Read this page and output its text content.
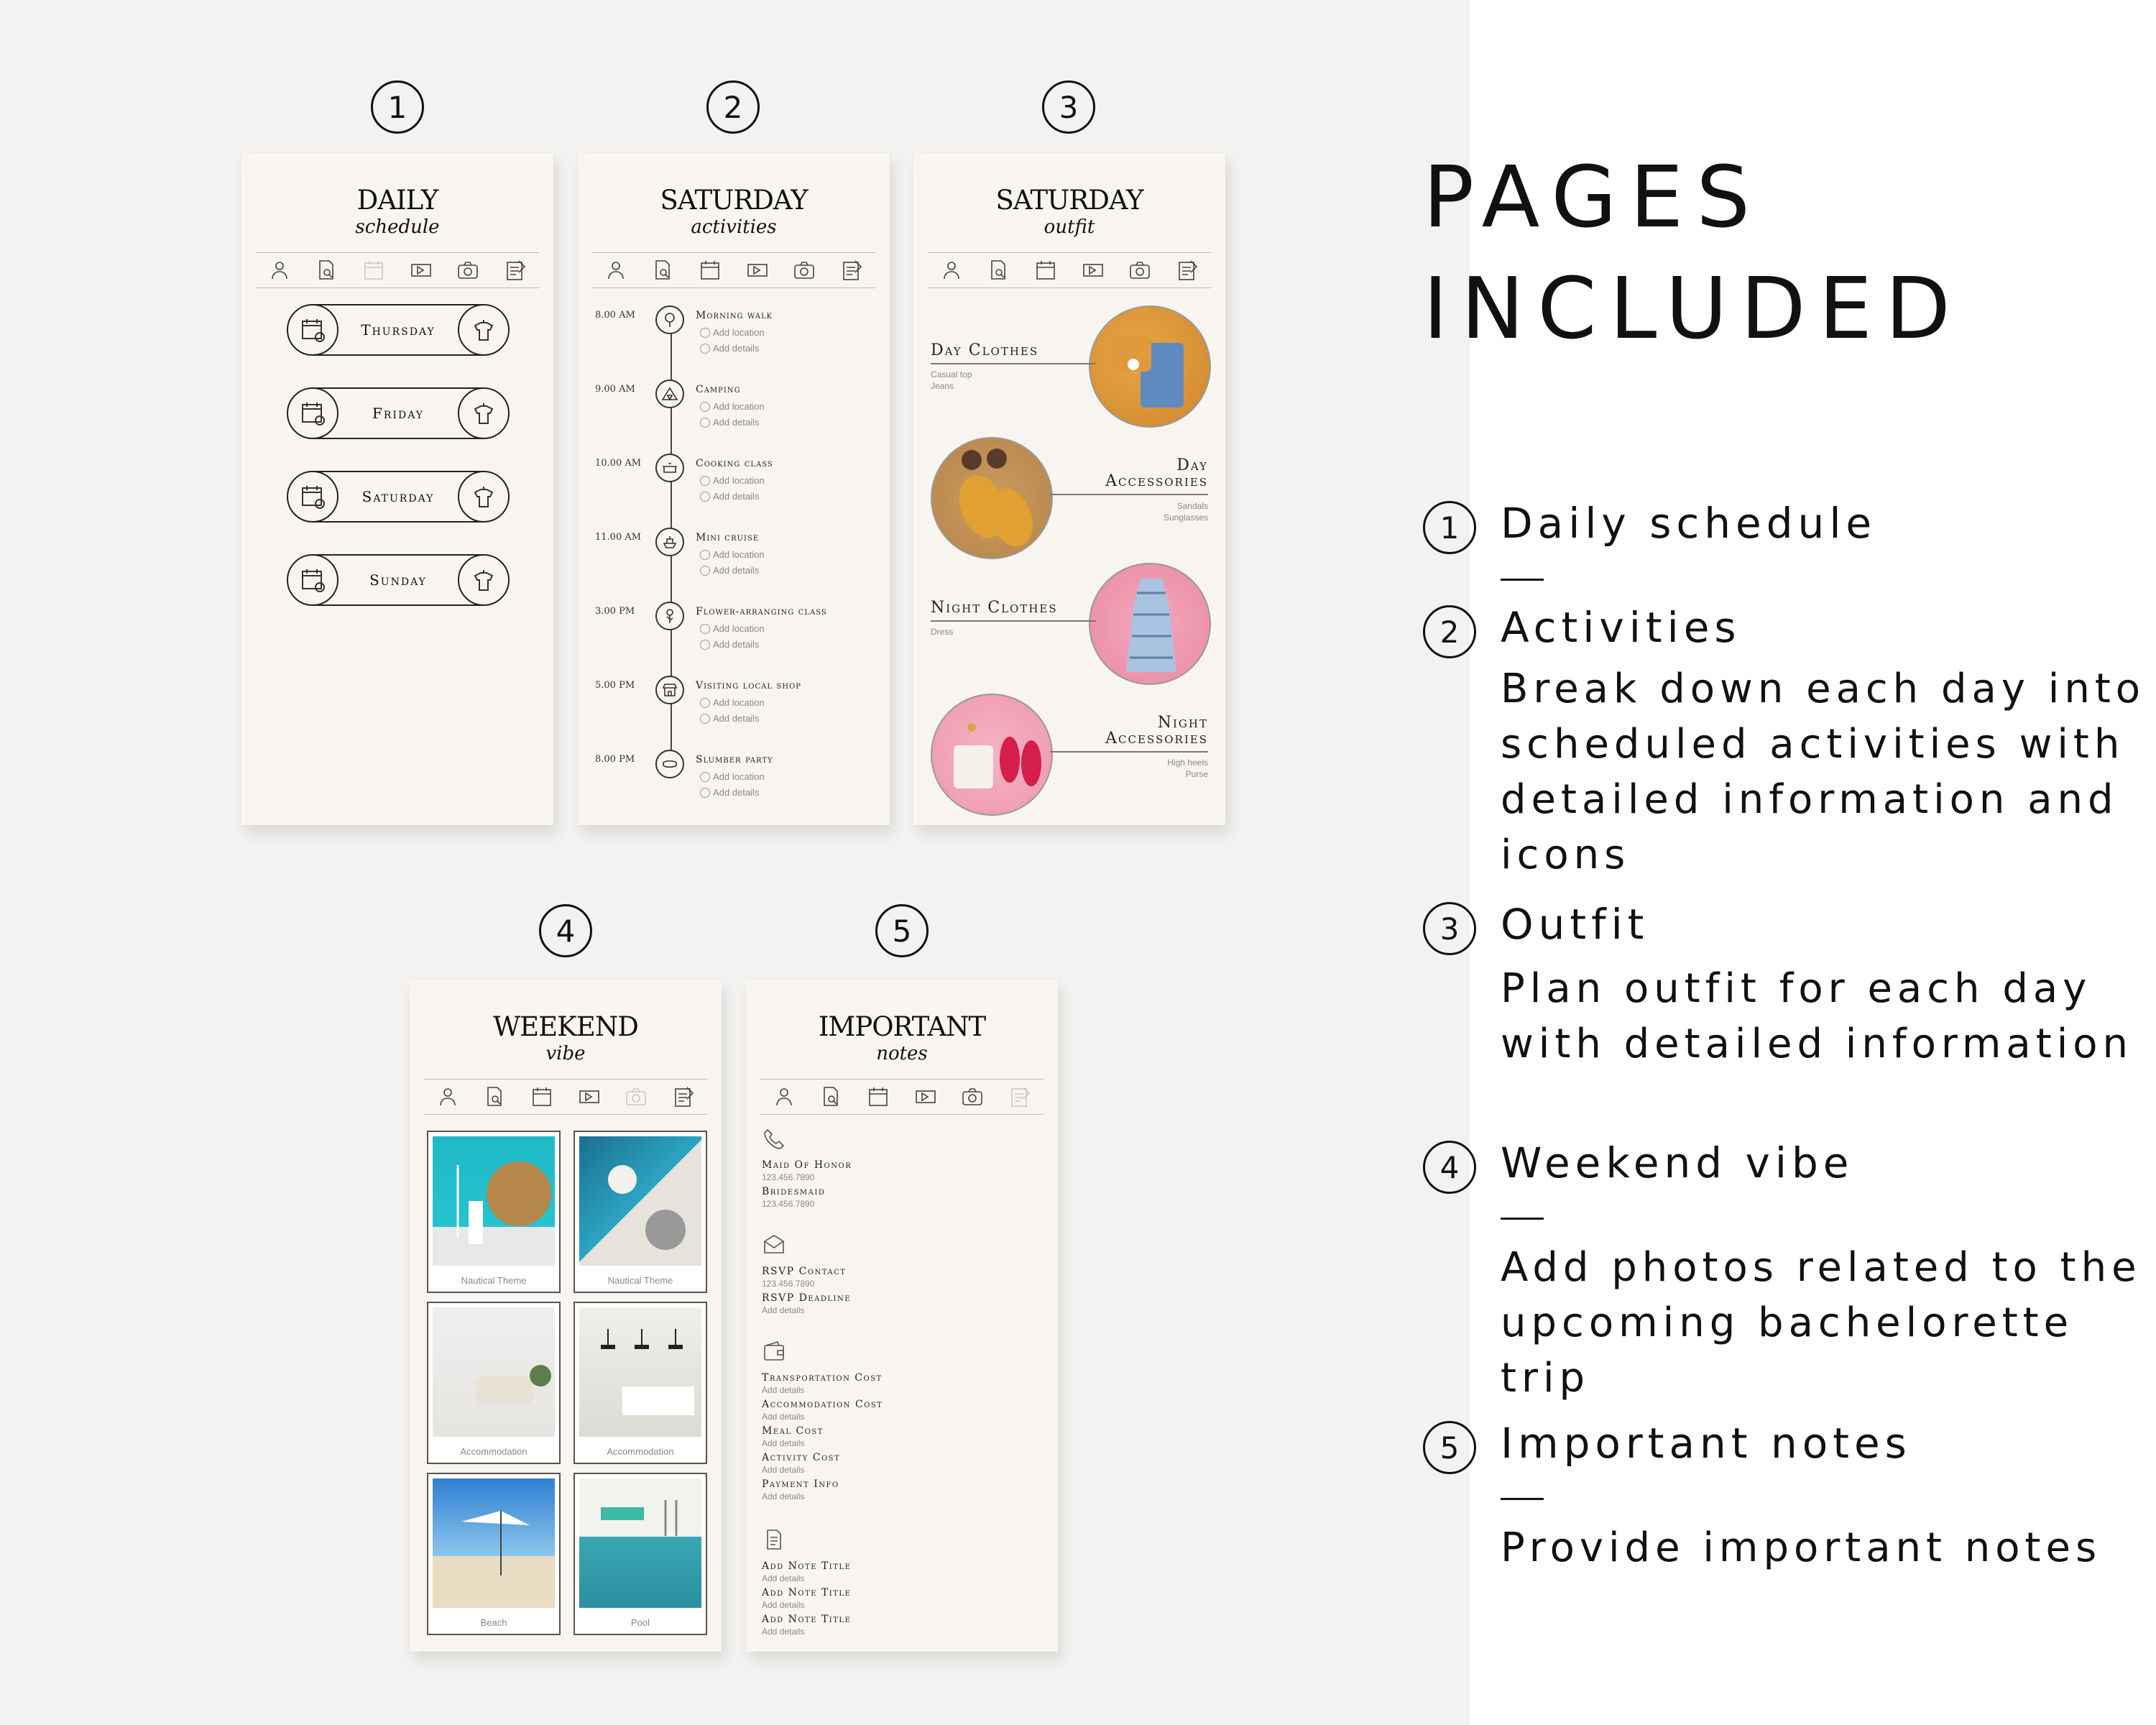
1	2	3
4	5
DAILY
schedule
Thursday
Friday
Saturday
Sunday
SATURDAY
activities
8.00 AM	Morning walk
Add location
Add details
9.00 AM	Camping
Add location
Add details
10.00 AM	Cooking class
Add location
Add details
11.00 AM	Mini cruise
Add location
Add details
3.00 PM	Flower-arranging class
Add location
Add details
5.00 PM	Visiting local shop
Add location
Add details
8.00 PM	Slumber party
Add location
Add details
SATURDAY
outfit
Day Clothes
Casual top
Jeans
Day
Accessories
Sandals
Sunglasses
Night Clothes
Dress
Night
Accessories
High heels
Purse
WEEKEND
vibe
Nautical Theme	Nautical Theme
Accommodation	Accommodation
Beach	Pool
IMPORTANT
notes
Maid Of Honor
123.456.7890
Bridesmaid
123.456.7890
RSVP Contact
123.456.7890
RSVP Deadline
Add details
Transportation Cost
Add details
Accommodation Cost
Add details
Meal Cost
Add details
Activity Cost
Add details
Payment Info
Add details
Add Note Title
Add details
Add Note Title
Add details
Add Note Title
Add details
PAGES
INCLUDED
1 Daily schedule
2 Activities
Break down each day into
scheduled activities with
detailed information and
icons
3 Outfit
Plan outfit for each day
with detailed information
4 Weekend vibe
Add photos related to the
upcoming bachelorette trip
5 Important notes
Provide important notes
